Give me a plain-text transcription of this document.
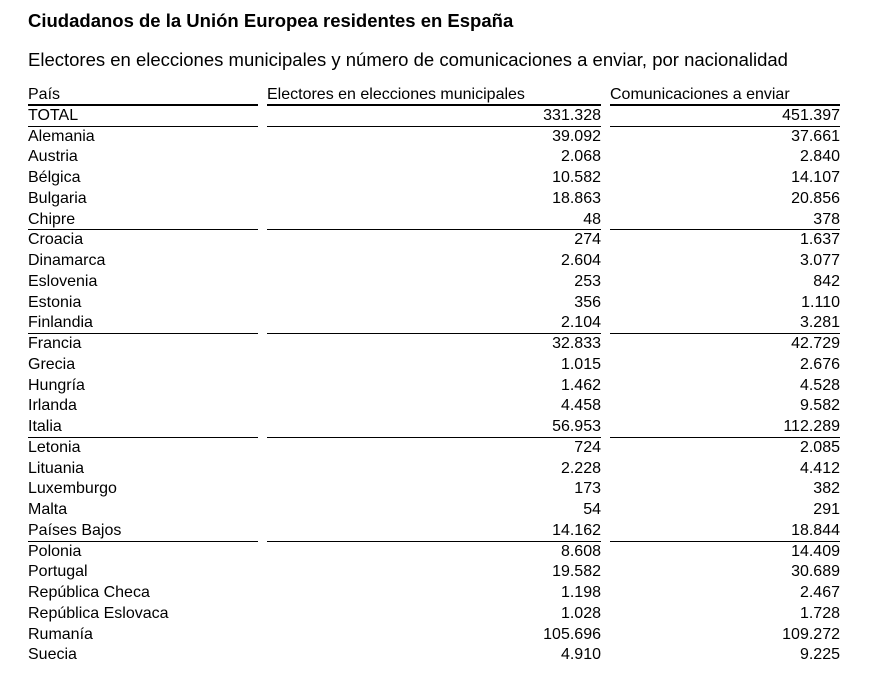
Ciudadanos de la Unión Europea residentes en España
Electores en elecciones municipales y número de comunicaciones a enviar, por nacionalidad
País	Electores en elecciones municipales	Comunicaciones a enviar
TOTAL	331.328	451.397
Alemania	39.092	37.661
Austria	2.068	2.840
Bélgica	10.582	14.107
Bulgaria	18.863	20.856
Chipre	48	378
Croacia	274	1.637
Dinamarca	2.604	3.077
Eslovenia	253	842
Estonia	356	1.110
Finlandia	2.104	3.281
Francia	32.833	42.729
Grecia	1.015	2.676
Hungría	1.462	4.528
Irlanda	4.458	9.582
Italia	56.953	112.289
Letonia	724	2.085
Lituania	2.228	4.412
Luxemburgo	173	382
Malta	54	291
Países Bajos	14.162	18.844
Polonia	8.608	14.409
Portugal	19.582	30.689
República Checa	1.198	2.467
República Eslovaca	1.028	1.728
Rumanía	105.696	109.272
Suecia	4.910	9.225
